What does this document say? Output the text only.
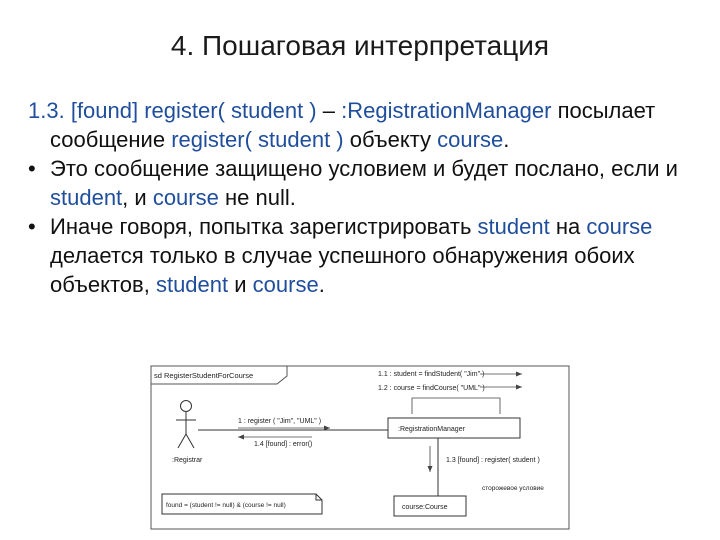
4. Пошаговая интерпретация

1.3. [found] register( student ) – :RegistrationManager посылает сообщение register( student ) объекту course.

• Это сообщение защищено условием и будет послано, если и student, и course не null.

• Иначе говоря, попытка зарегистрировать student на course делается только в случае успешного обнаружения обоих объектов, student и course.

sd RegisterStudentForCourse	1.1 : student = findStudent( "Jim" )
1.2 : course = findCourse( "UML" )
:Registrar
1 : register ( "Jim", "UML" )
1.4 [found] : error()
:RegistrationManager
1.3 [found] : register( student )
сторожевое условие
course:Course
found = (student != null) & (course != null)
